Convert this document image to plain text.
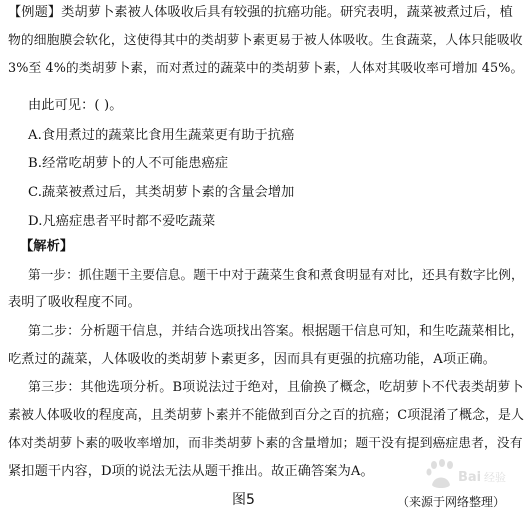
【例题】类胡萝卜素被人体吸收后具有较强的抗癌功能。研究表明，蔬菜被煮过后，植
物的细胞膜会软化，这使得其中的类胡萝卜素更易于被人体吸收。生食蔬菜，人体只能吸收
3%至 4%的类胡萝卜素，而对煮过的蔬菜中的类胡萝卜素，人体对其吸收率可增加 45%。
由此可见：( )。
A.食用煮过的蔬菜比食用生蔬菜更有助于抗癌
B.经常吃胡萝卜的人不可能患癌症
C.蔬菜被煮过后，其类胡萝卜素的含量会增加
D.凡癌症患者平时都不爱吃蔬菜
【解析】
第一步：抓住题干主要信息。题干中对于蔬菜生食和煮食明显有对比，还具有数字比例，
表明了吸收程度不同。
第二步：分析题干信息，并结合选项找出答案。根据题干信息可知，和生吃蔬菜相比，
吃煮过的蔬菜，人体吸收的类胡萝卜素更多，因而具有更强的抗癌功能，A项正确。
第三步：其他选项分析。B项说法过于绝对，且偷换了概念，吃胡萝卜不代表类胡萝卜
素被人体吸收的程度高，且类胡萝卜素并不能做到百分之百的抗癌；C项混淆了概念，是人
体对类胡萝卜素的吸收率增加，而非类胡萝卜素的含量增加；题干没有提到癌症患者，没有
紧扣题干内容，D项的说法无法从题干推出。故正确答案为A。
图5	（来源于网络整理）
Bai 经验
